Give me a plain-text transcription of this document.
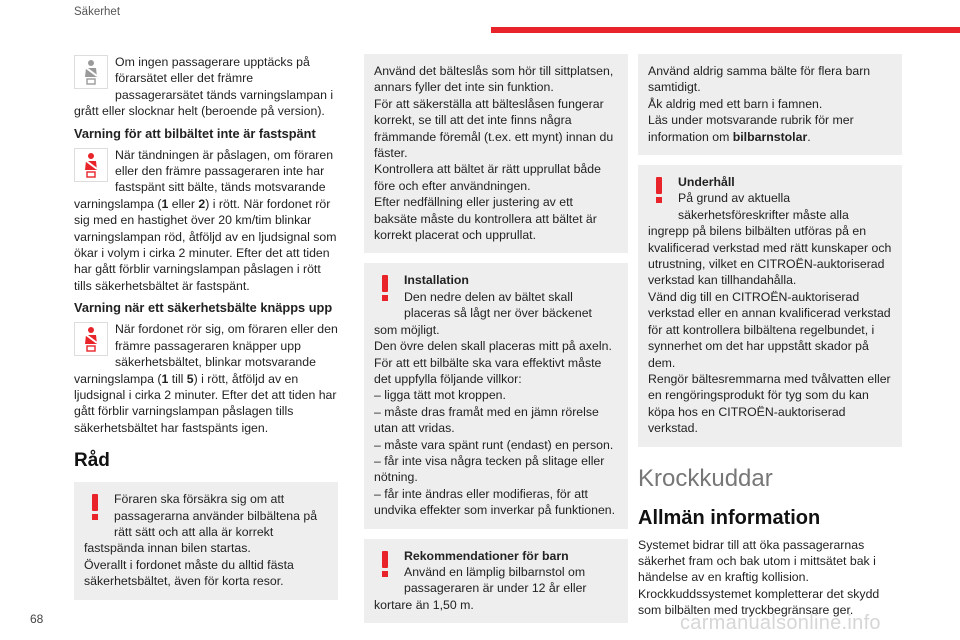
Säkerhet

Om ingen passagerare upptäcks på förarsätet eller det främre passagerarsätet tänds varningslampan i grått eller slocknar helt (beroende på version).

Varning för att bilbältet inte är fastspänt

När tändningen är påslagen, om föraren eller den främre passageraren inte har fastspänt sitt bälte, tänds motsvarande varningslampa (1 eller 2) i rött. När fordonet rör sig med en hastighet över 20 km/tim blinkar varningslampan röd, åtföljd av en ljudsignal som ökar i volym i cirka 2 minuter. Efter det att tiden har gått förblir varningslampan påslagen i rött tills säkerhetsbältet är fastspänt.

Varning när ett säkerhetsbälte knäpps upp

När fordonet rör sig, om föraren eller den främre passageraren knäpper upp säkerhetsbältet, blinkar motsvarande varningslampa (1 till 5) i rött, åtföljd av en ljudsignal i cirka 2 minuter. Efter det att tiden har gått förblir varningslampan påslagen tills säkerhetsbältet har fastspänts igen.

Råd

Föraren ska försäkra sig om att passagerarna använder bilbältena på rätt sätt och att alla är korrekt fastspända innan bilen startas.

Överallt i fordonet måste du alltid fästa säkerhetsbältet, även för korta resor.

Använd det bälteslås som hör till sittplatsen, annars fyller det inte sin funktion.

För att säkerställa att bälteslåsen fungerar korrekt, se till att det inte finns några främmande föremål (t.ex. ett mynt) innan du fäster.

Kontrollera att bältet är rätt upprullat både före och efter användningen.

Efter nedfällning eller justering av ett baksäte måste du kontrollera att bältet är korrekt placerat och upprullat.

Installation

Den nedre delen av bältet skall placeras så lågt ner över bäckenet som möjligt.

Den övre delen skall placeras mitt på axeln.

För att ett bilbälte ska vara effektivt måste det uppfylla följande villkor:

– ligga tätt mot kroppen.

– måste dras framåt med en jämn rörelse utan att vridas.

– måste vara spänt runt (endast) en person.

– får inte visa några tecken på slitage eller nötning.

– får inte ändras eller modifieras, för att undvika effekter som inverkar på funktionen.

Rekommendationer för barn

Använd en lämplig bilbarnstol om passageraren är under 12 år eller kortare än 1,50 m.

Använd aldrig samma bälte för flera barn samtidigt.

Åk aldrig med ett barn i famnen.

Läs under motsvarande rubrik för mer information om bilbarnstolar.

Underhåll

På grund av aktuella säkerhetsföreskrifter måste alla ingrepp på bilens bilbälten utföras på en kvalificerad verkstad med rätt kunskaper och utrustning, vilket en CITROËN-auktoriserad verkstad kan tillhandahålla.

Vänd dig till en CITROËN-auktoriserad verkstad eller en annan kvalificerad verkstad för att kontrollera bilbältena regelbundet, i synnerhet om det har uppstått skador på dem.

Rengör bältesremmarna med tvålvatten eller en rengöringsprodukt för tyg som du kan köpa hos en CITROËN-auktoriserad verkstad.

Krockkuddar
Allmän information

Systemet bidrar till att öka passagerarnas säkerhet fram och bak utom i mittsätet bak i händelse av en kraftig kollision. Krockkuddssystemet kompletterar det skydd som bilbälten med tryckbegränsare ger.

68	carmanualsonline.info
